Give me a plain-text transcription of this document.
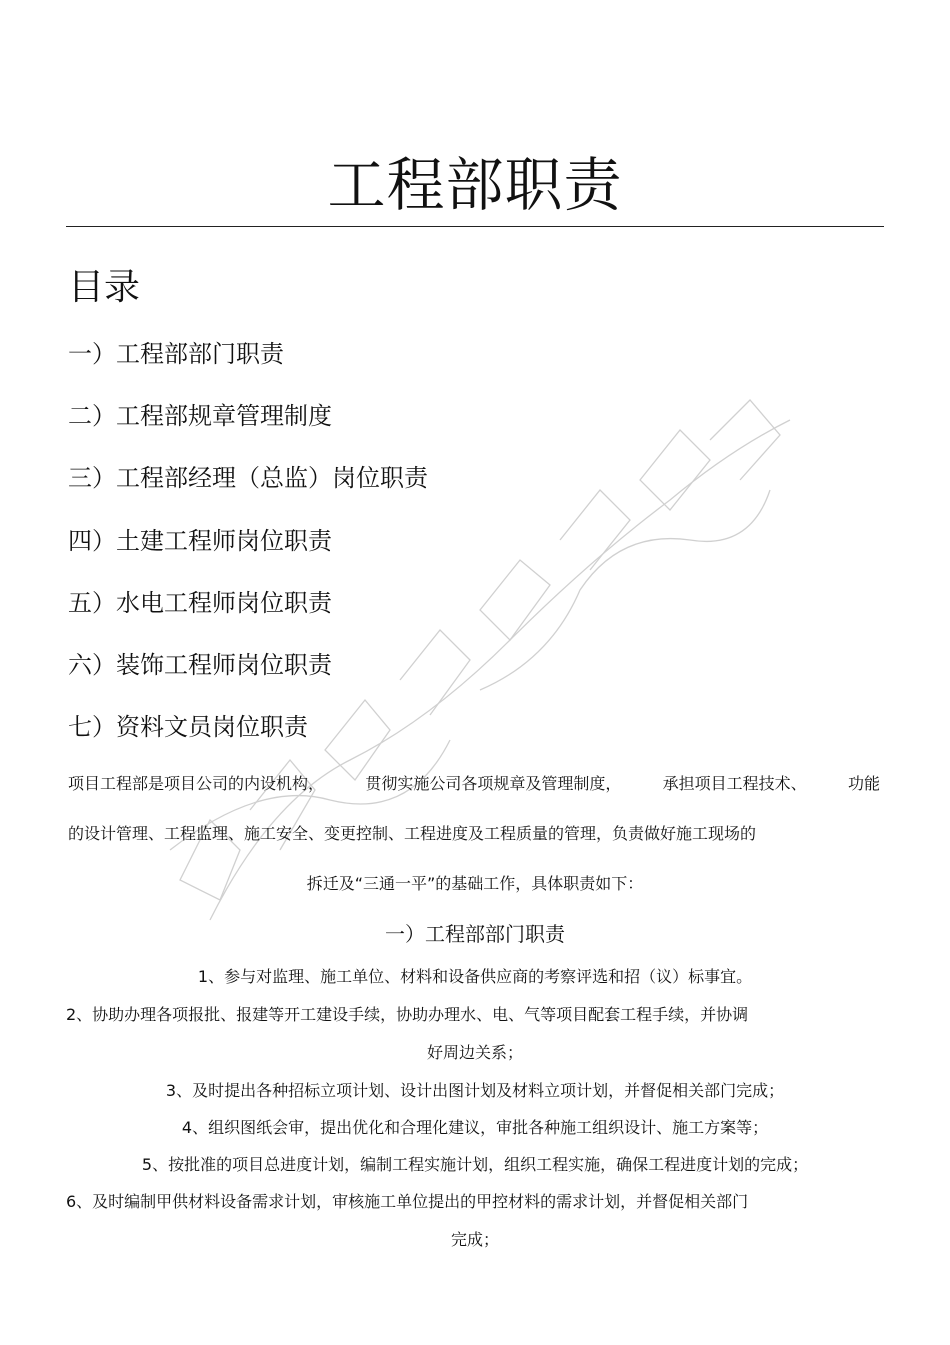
工程部职责
目录
一）工程部部门职责
二）工程部规章管理制度
三）工程部经理（总监）岗位职责
四）土建工程师岗位职责
五）水电工程师岗位职责
六）装饰工程师岗位职责
七）资料文员岗位职责
项目工程部是项目公司的内设机构，	贯彻实施公司各项规章及管理制度，	承担项目工程技术、	功能
的设计管理、工程监理、施工安全、变更控制、工程进度及工程质量的管理，负责做好施工现场的
拆迁及“三通一平”的基础工作，具体职责如下：
一）工程部部门职责
1、参与对监理、施工单位、材料和设备供应商的考察评选和招（议）标事宜。
2、协助办理各项报批、报建等开工建设手续，协助办理水、电、气等项目配套工程手续，并协调
好周边关系；
3、及时提出各种招标立项计划、设计出图计划及材料立项计划，并督促相关部门完成；
4、组织图纸会审，提出优化和合理化建议，审批各种施工组织设计、施工方案等；
5、按批准的项目总进度计划，编制工程实施计划，组织工程实施，确保工程进度计划的完成；
6、及时编制甲供材料设备需求计划，审核施工单位提出的甲控材料的需求计划，并督促相关部门
完成；
